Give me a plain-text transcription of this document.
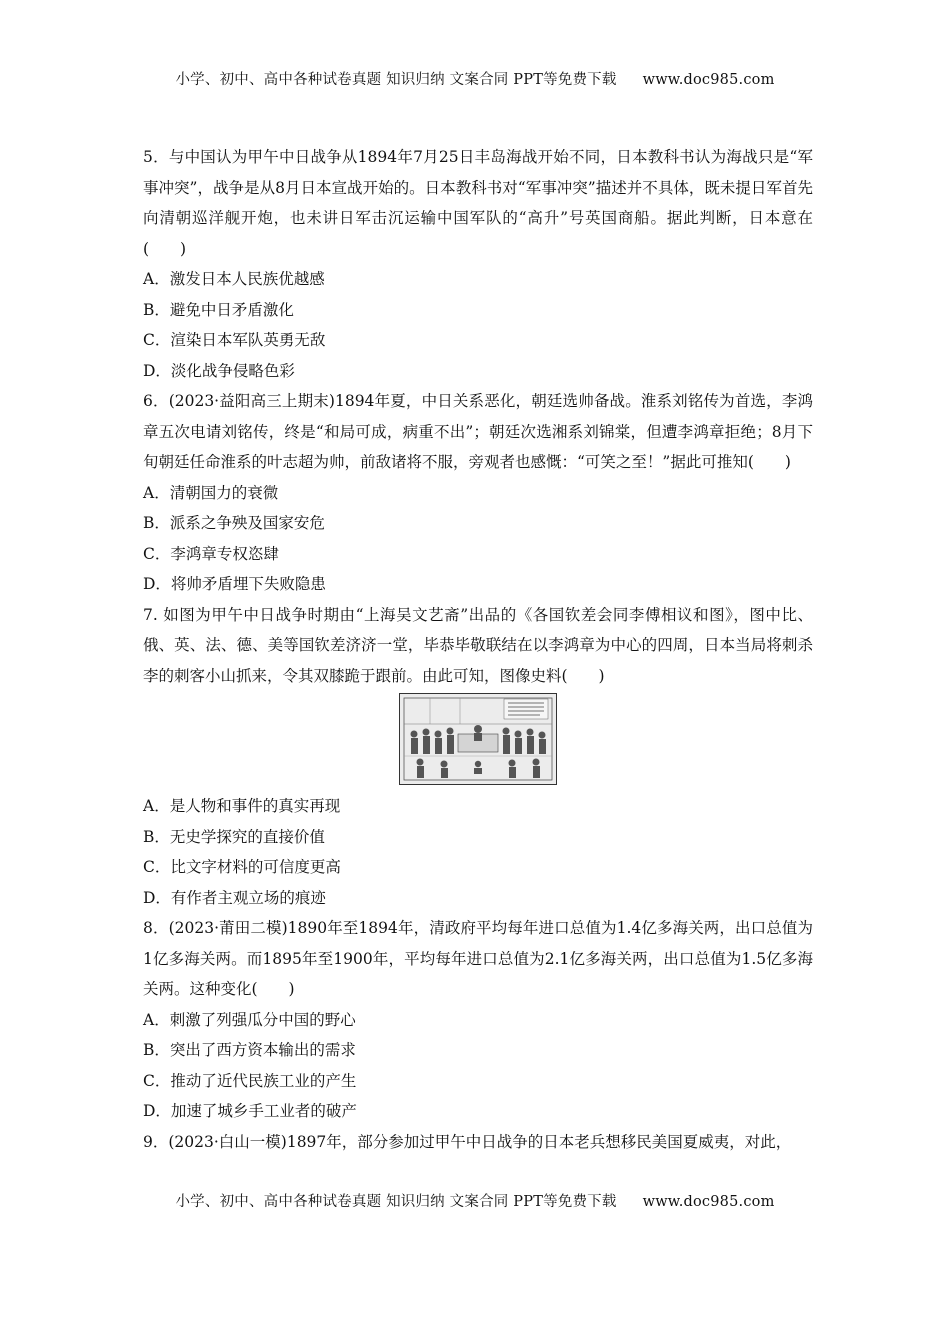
小学、初中、高中各种试卷真题 知识归纳 文案合同 PPT等免费下载 www.doc985.com

5．与中国认为甲午中日战争从1894年7月25日丰岛海战开始不同，日本教科书认为海战只是“军事冲突”，战争是从8月日本宣战开始的。日本教科书对“军事冲突”描述并不具体，既未提日军首先向清朝巡洋舰开炮，也未讲日军击沉运输中国军队的“高升”号英国商船。据此判断，日本意在(　　)

A．激发日本人民族优越感

B．避免中日矛盾激化

C．渲染日本军队英勇无敌

D．淡化战争侵略色彩

6．(2023·益阳高三上期末)1894年夏，中日关系恶化，朝廷选帅备战。淮系刘铭传为首选，李鸿章五次电请刘铭传，终是“和局可成，病重不出”；朝廷次选湘系刘锦棠，但遭李鸿章拒绝；8月下旬朝廷任命淮系的叶志超为帅，前敌诸将不服，旁观者也感慨：“可笑之至！”据此可推知(　　)

A．清朝国力的衰微

B．派系之争殃及国家安危

C．李鸿章专权恣肆

D．将帅矛盾埋下失败隐患

7. 如图为甲午中日战争时期由“上海吴文艺斋”出品的《各国钦差会同李傅相议和图》，图中比、俄、英、法、德、美等国钦差济济一堂，毕恭毕敬联结在以李鸿章为中心的四周，日本当局将刺杀李的刺客小山抓来，令其双膝跪于跟前。由此可知，图像史料(　　)

A．是人物和事件的真实再现

B．无史学探究的直接价值

C．比文字材料的可信度更高

D．有作者主观立场的痕迹

8．(2023·莆田二模)1890年至1894年，清政府平均每年进口总值为1.4亿多海关两，出口总值为1亿多海关两。而1895年至1900年，平均每年进口总值为2.1亿多海关两，出口总值为1.5亿多海关两。这种变化(　　)

A．刺激了列强瓜分中国的野心

B．突出了西方资本输出的需求

C．推动了近代民族工业的产生

D．加速了城乡手工业者的破产

9．(2023·白山一模)1897年，部分参加过甲午中日战争的日本老兵想移民美国夏威夷，对此，

小学、初中、高中各种试卷真题 知识归纳 文案合同 PPT等免费下载 www.doc985.com
